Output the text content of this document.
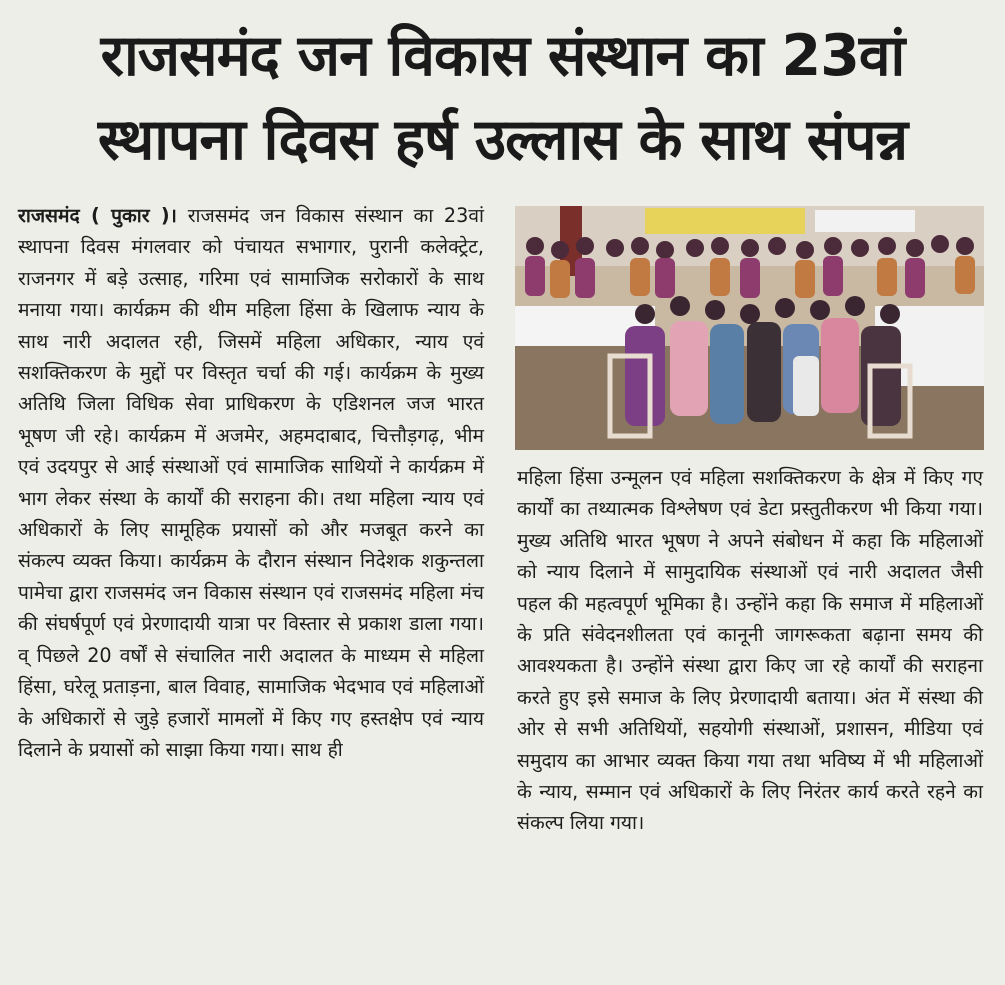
राजसमंद जन विकास संस्थान का 23वां
स्थापना दिवस हर्ष उल्लास के साथ संपन्न

राजसमंद ( पुकार )। राजसमंद जन विकास संस्थान का 23वां स्थापना दिवस मंगलवार को पंचायत सभागार, पुरानी कलेक्ट्रेट, राजनगर में बड़े उत्साह, गरिमा एवं सामाजिक सरोकारों के साथ मनाया गया। कार्यक्रम की थीम महिला हिंसा के खिलाफ न्याय के साथ नारी अदालत रही, जिसमें महिला अधिकार, न्याय एवं सशक्तिकरण के मुद्दों पर विस्तृत चर्चा की गई। कार्यक्रम के मुख्य अतिथि जिला विधिक सेवा प्राधिकरण के एडिशनल जज भारत भूषण जी रहे। कार्यक्रम में अजमेर, अहमदाबाद, चित्तौड़गढ़, भीम एवं उदयपुर से आई संस्थाओं एवं सामाजिक साथियों ने कार्यक्रम में भाग लेकर संस्था के कार्यों की सराहना की। तथा महिला न्याय एवं अधिकारों के लिए सामूहिक प्रयासों को और मजबूत करने का संकल्प व्यक्त किया। कार्यक्रम के दौरान संस्थान निदेशक शकुन्तला पामेचा द्वारा राजसमंद जन विकास संस्थान एवं राजसमंद महिला मंच की संघर्षपूर्ण एवं प्रेरणादायी यात्रा पर विस्तार से प्रकाश डाला गया। व् पिछले 20 वर्षों से संचालित नारी अदालत के माध्यम से महिला हिंसा, घरेलू प्रताड़ना, बाल विवाह, सामाजिक भेदभाव एवं महिलाओं के अधिकारों से जुड़े हजारों मामलों में किए गए हस्तक्षेप एवं न्याय दिलाने के प्रयासों को साझा किया गया। साथ ही

महिला हिंसा उन्मूलन एवं महिला सशक्तिकरण के क्षेत्र में किए गए कार्यों का तथ्यात्मक विश्लेषण एवं डेटा प्रस्तुतीकरण भी किया गया। मुख्य अतिथि भारत भूषण ने अपने संबोधन में कहा कि महिलाओं को न्याय दिलाने में सामुदायिक संस्थाओं एवं नारी अदालत जैसी पहल की महत्वपूर्ण भूमिका है। उन्होंने कहा कि समाज में महिलाओं के प्रति संवेदनशीलता एवं कानूनी जागरूकता बढ़ाना समय की आवश्यकता है। उन्होंने संस्था द्वारा किए जा रहे कार्यों की सराहना करते हुए इसे समाज के लिए प्रेरणादायी बताया। अंत में संस्था की ओर से सभी अतिथियों, सहयोगी संस्थाओं, प्रशासन, मीडिया एवं समुदाय का आभार व्यक्त किया गया तथा भविष्य में भी महिलाओं के न्याय, सम्मान एवं अधिकारों के लिए निरंतर कार्य करते रहने का संकल्प लिया गया।
